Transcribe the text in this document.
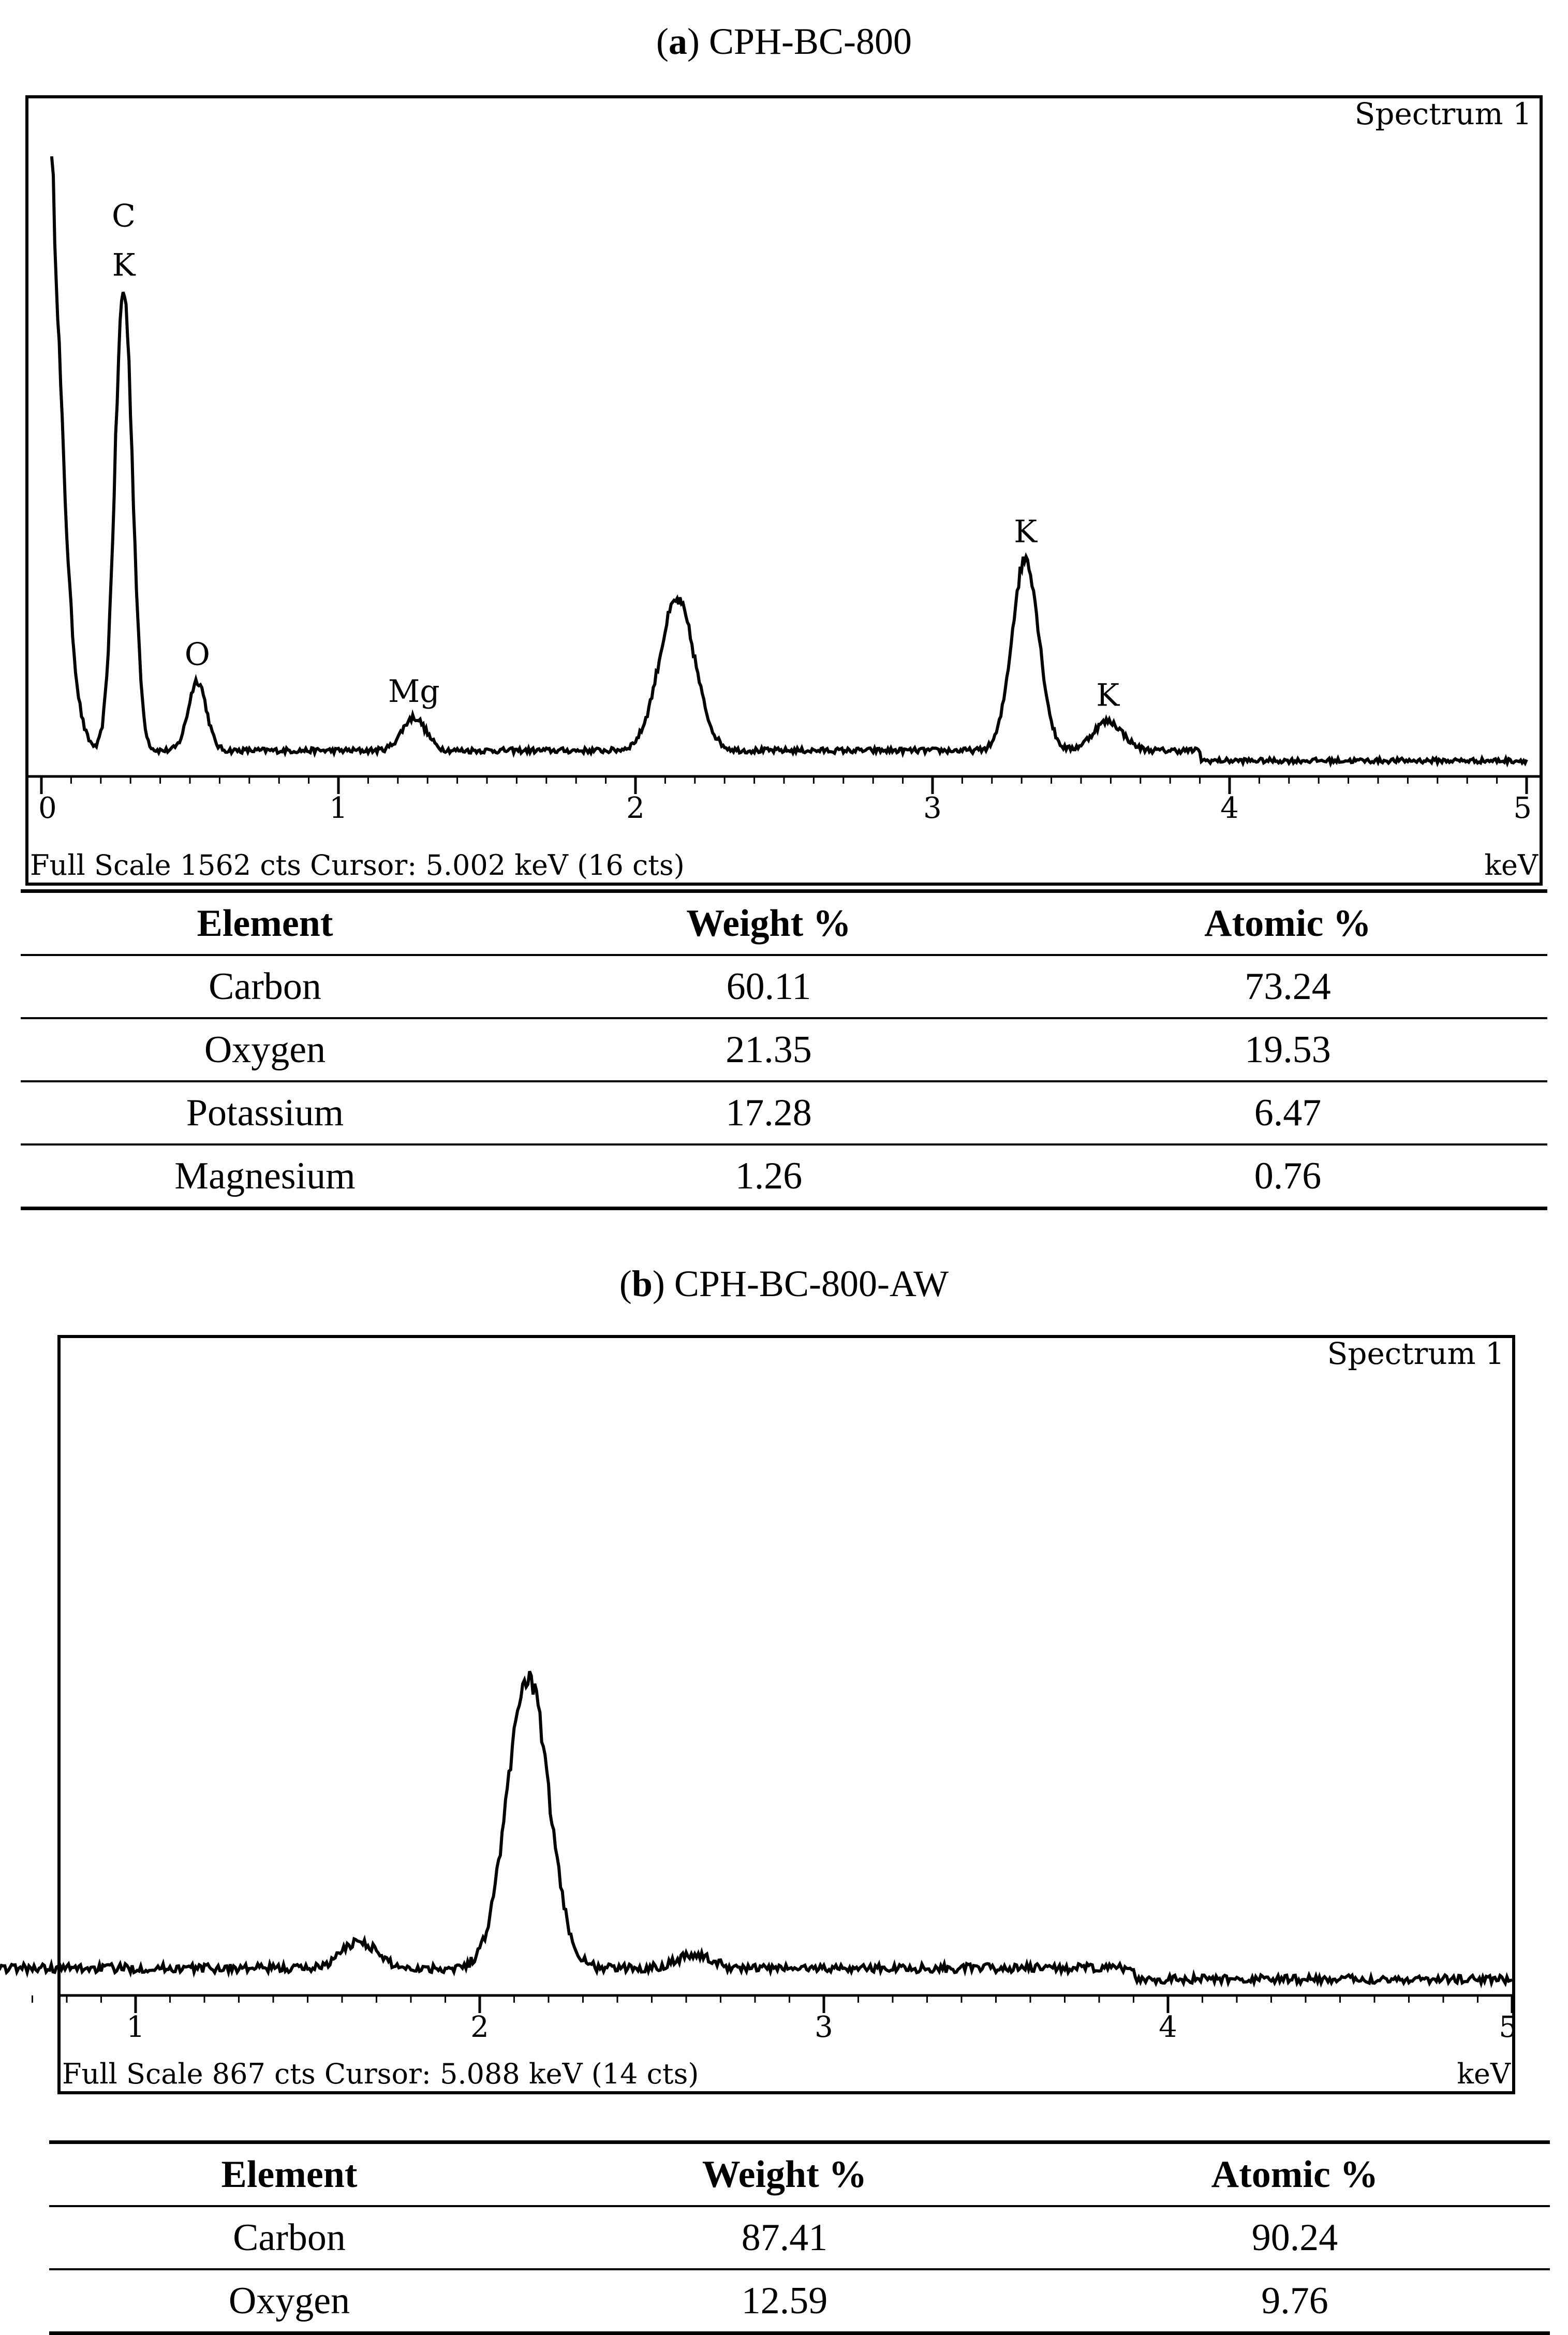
(a) CPH-BC-800
Spectrum 1
0	1	2	3	4	5
C
K
O
Mg
K
K
Full Scale 1562 cts Cursor: 5.002 keV (16 cts)	keV
Element	Weight %	Atomic %
Carbon	60.11	73.24
Oxygen	21.35	19.53
Potassium	17.28	6.47
Magnesium	1.26	0.76
(b) CPH-BC-800-AW
Spectrum 1
1	2	3	4	5
Full Scale 867 cts Cursor: 5.088 keV (14 cts)	keV
Element	Weight %	Atomic %
Carbon	87.41	90.24
Oxygen	12.59	9.76
